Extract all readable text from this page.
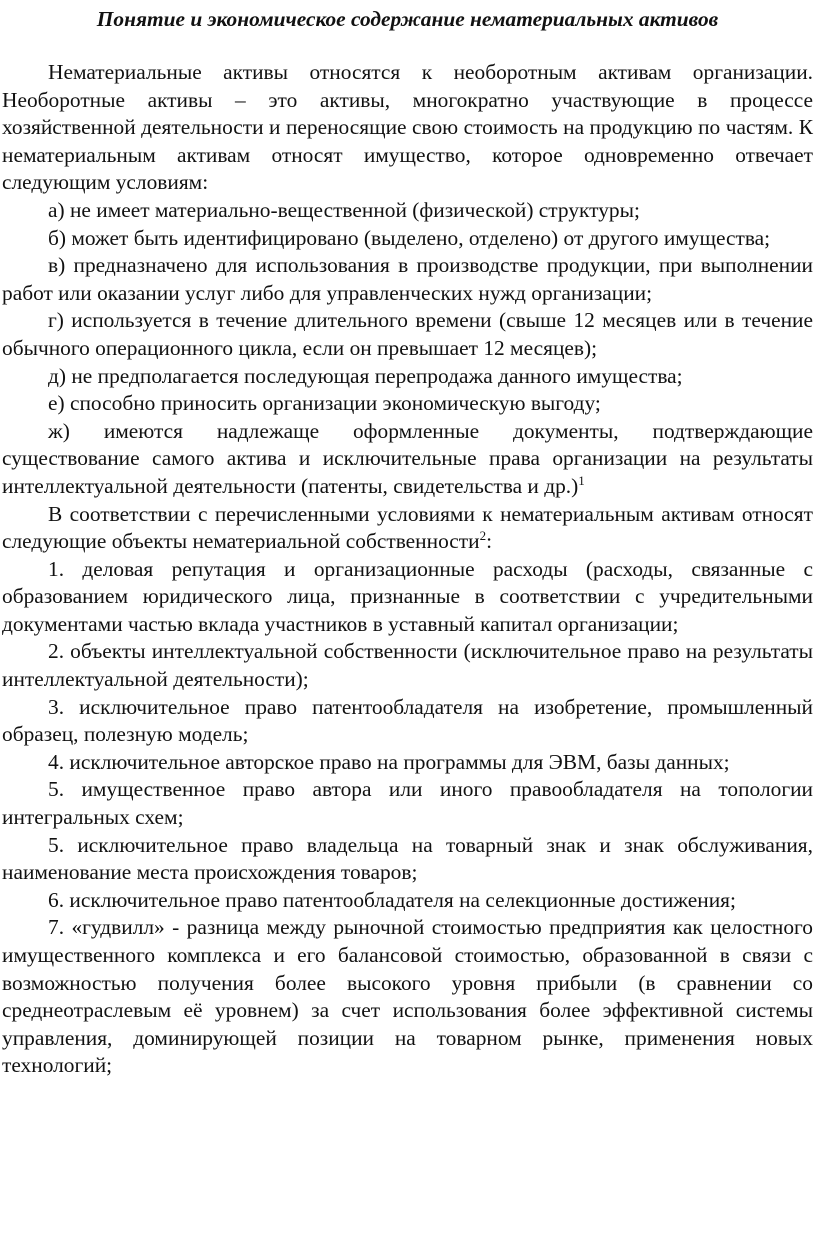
Понятие и экономическое содержание нематериальных активов

Нематериальные активы относятся к необоротным активам организации. Необоротные активы – это активы, многократно участвующие в процессе хозяйственной деятельности и переносящие свою стоимость на продукцию по частям. К нематериальным активам относят имущество, которое одновременно отвечает следующим условиям:

а) не имеет материально-вещественной (физической) структуры;

б) может быть идентифицировано (выделено, отделено) от другого имущества;

в) предназначено для использования в производстве продукции, при выполнении работ или оказании услуг либо для управленческих нужд организации;

г) используется в течение длительного времени (свыше 12 месяцев или в течение обычного операционного цикла, если он превышает 12 месяцев);

д) не предполагается последующая перепродажа данного имущества;

е) способно приносить организации экономическую выгоду;

ж) имеются надлежаще оформленные документы, подтверждающие существование самого актива и исключительные права организации на результаты интеллектуальной деятельности (патенты, свидетельства и др.)$^1$

В соответствии с перечисленными условиями к нематериальным активам относят следующие объекты нематериальной собственности$^2$:

1. деловая репутация и организационные расходы (расходы, связанные с образованием юридического лица, признанные в соответствии с учредительными документами частью вклада участников в уставный капитал организации;

2. объекты интеллектуальной собственности (исключительное право на результаты интеллектуальной деятельности);

3. исключительное право патентообладателя на изобретение, промышленный образец, полезную модель;

4. исключительное авторское право на программы для ЭВМ, базы данных;

5. имущественное право автора или иного правообладателя на топологии интегральных схем;

5. исключительное право владельца на товарный знак и знак обслуживания, наименование места происхождения товаров;

6. исключительное право патентообладателя на селекционные достижения;

7. «гудвилл» - разница между рыночной стоимостью предприятия как целостного имущественного комплекса и его балансовой стоимостью, образованной в связи с возможностью получения более высокого уровня прибыли (в сравнении со среднеотраслевым её уровнем) за счет использования более эффективной системы управления, доминирующей позиции на товарном рынке, применения новых технологий;
